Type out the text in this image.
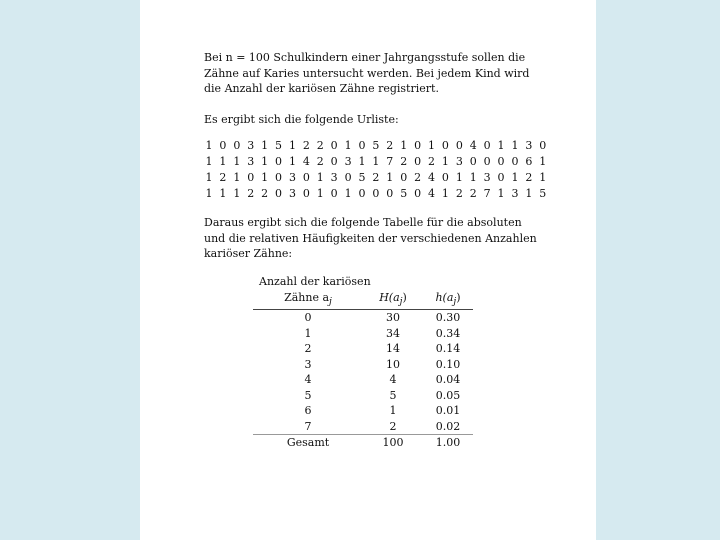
Bei n = 100 Schulkindern einer Jahrgangsstufe sollen die
Zähne auf Karies untersucht werden. Bei jedem Kind wird
die Anzahl der kariösen Zähne registriert.

Es ergibt sich die folgende Urliste:

1 0 0 3 1 5 1 2 2 0 1 0 5 2 1 0 1 0 0 4 0 1 1 3 0
1 1 1 3 1 0 1 4 2 0 3 1 1 7 2 0 2 1 3 0 0 0 0 6 1
1 2 1 0 1 0 3 0 1 3 0 5 2 1 0 2 4 0 1 1 3 0 1 2 1
1 1 1 2 2 0 3 0 1 0 1 0 0 0 5 0 4 1 2 2 7 1 3 1 5

Daraus ergibt sich die folgende Tabelle für die absoluten
und die relativen Häufigkeiten der verschiedenen Anzahlen
kariöser Zähne:

Anzahl der kariösen		
Zähne $a_j$	$H(a_j)$	$h(a_j)$
0	30	0.30
1	34	0.34
2	14	0.14
3	10	0.10
4	4	0.04
5	5	0.05
6	1	0.01
7	2	0.02
Gesamt	100	1.00
